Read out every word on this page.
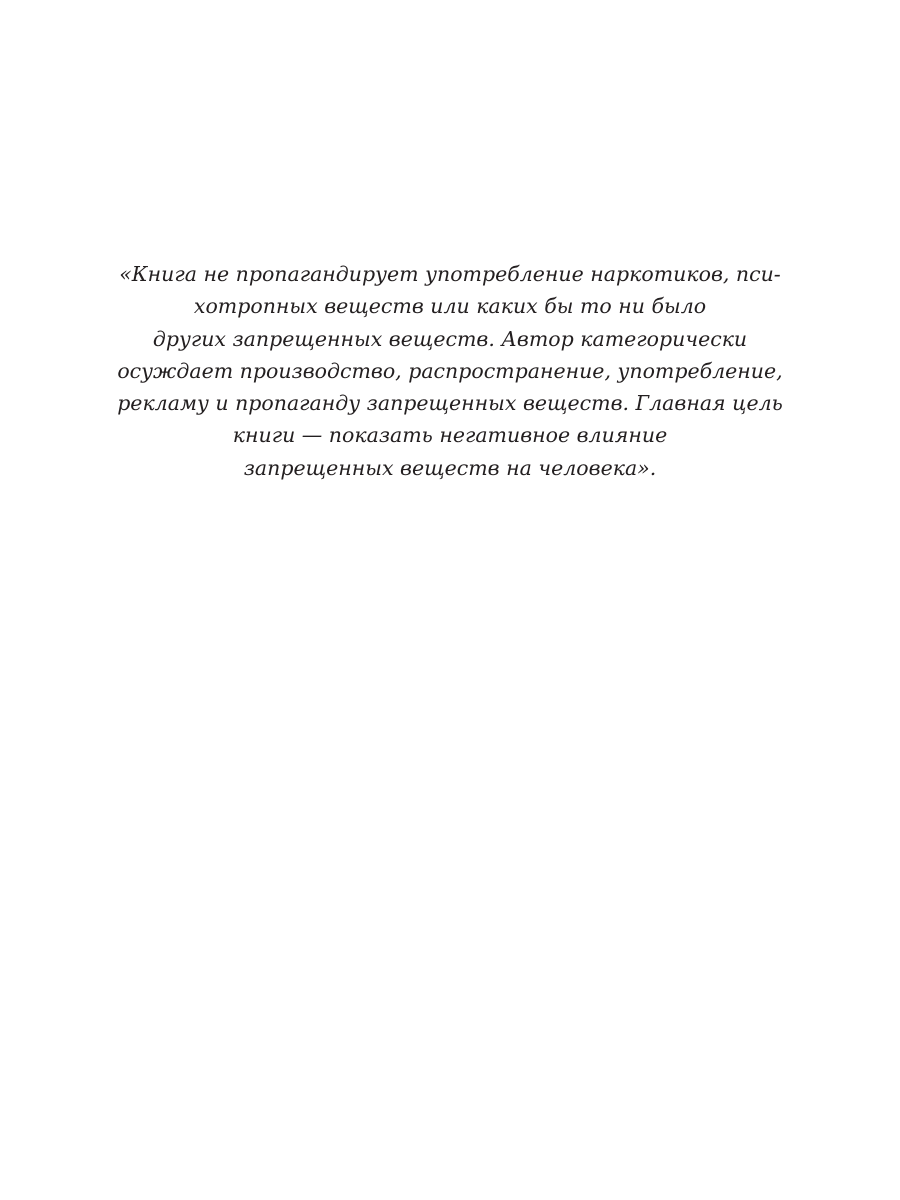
«Книга не пропагандирует употребление наркотиков, пси-
хотропных веществ или каких бы то ни было
других запрещенных веществ. Автор категорически
осуждает производство, распространение, употребление,
рекламу и пропаганду запрещенных веществ. Главная цель
книги — показать негативное влияние
запрещенных веществ на человека».
